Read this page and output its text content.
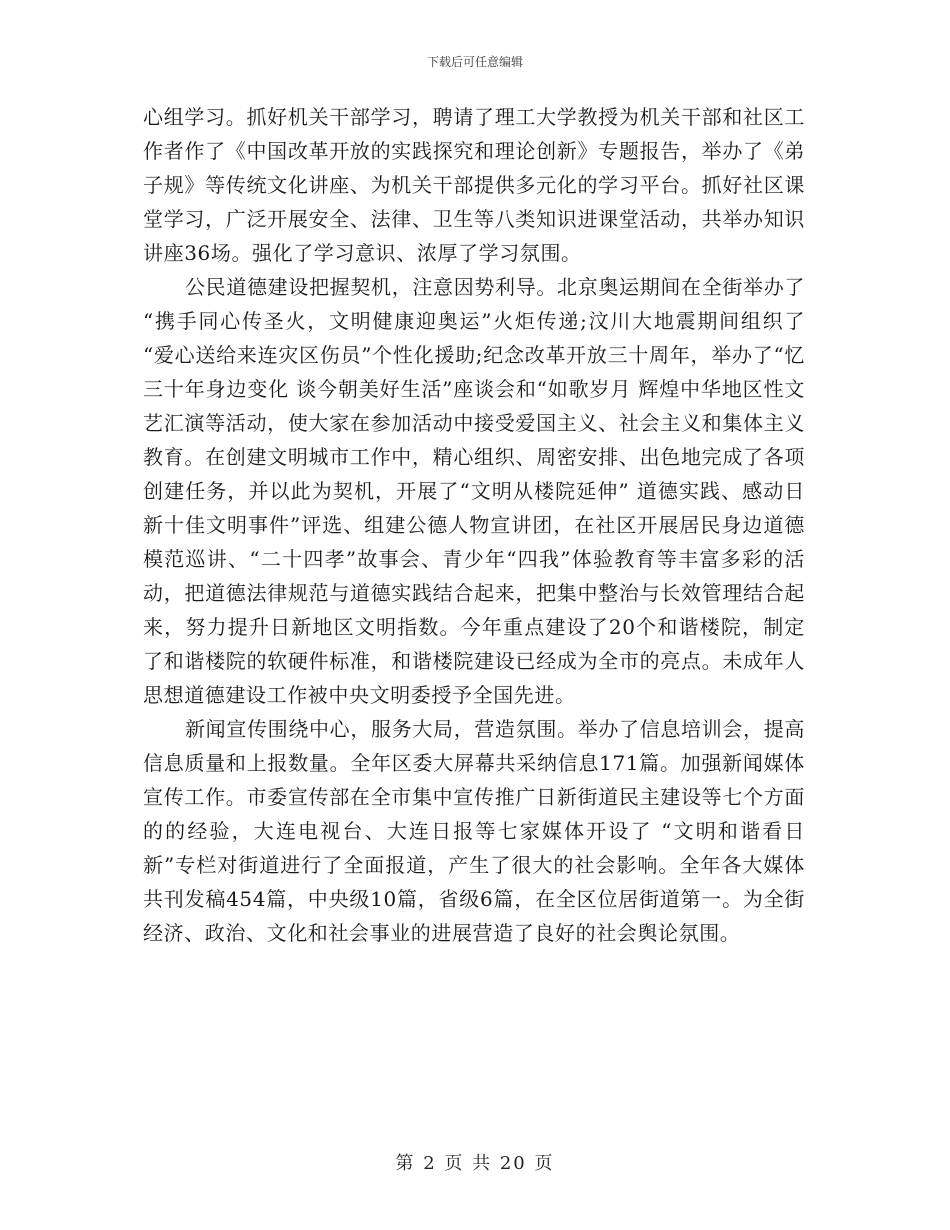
下载后可任意编辑

心组学习。抓好机关干部学习，聘请了理工大学教授为机关干部和社区工作者作了《中国改革开放的实践探究和理论创新》专题报告，举办了《弟子规》等传统文化讲座、为机关干部提供多元化的学习平台。抓好社区课堂学习，广泛开展安全、法律、卫生等八类知识进课堂活动，共举办知识讲座36场。强化了学习意识、浓厚了学习氛围。

公民道德建设把握契机，注意因势利导。北京奥运期间在全街举办了 “携手同心传圣火，文明健康迎奥运”火炬传递;汶川大地震期间组织了 “爱心送给来连灾区伤员”个性化援助;纪念改革开放三十周年，举办了“忆三十年身边变化 谈今朝美好生活”座谈会和“如歌岁月 辉煌中华地区性文艺汇演等活动，使大家在参加活动中接受爱国主义、社会主义和集体主义教育。在创建文明城市工作中，精心组织、周密安排、出色地完成了各项创建任务，并以此为契机，开展了“文明从楼院延伸” 道德实践、感动日新十佳文明事件”评选、组建公德人物宣讲团，在社区开展居民身边道德模范巡讲、“二十四孝”故事会、青少年“四我”体验教育等丰富多彩的活动，把道德法律规范与道德实践结合起来，把集中整治与长效管理结合起来，努力提升日新地区文明指数。今年重点建设了20个和谐楼院，制定了和谐楼院的软硬件标准，和谐楼院建设已经成为全市的亮点。未成年人思想道德建设工作被中央文明委授予全国先进。

新闻宣传围绕中心，服务大局，营造氛围。举办了信息培训会，提高信息质量和上报数量。全年区委大屏幕共采纳信息171篇。加强新闻媒体宣传工作。市委宣传部在全市集中宣传推广日新街道民主建设等七个方面的的经验，大连电视台、大连日报等七家媒体开设了 “文明和谐看日新”专栏对街道进行了全面报道，产生了很大的社会影响。全年各大媒体共刊发稿454篇，中央级10篇，省级6篇，在全区位居街道第一。为全街经济、政治、文化和社会事业的进展营造了良好的社会舆论氛围。

第 2 页 共 20 页
